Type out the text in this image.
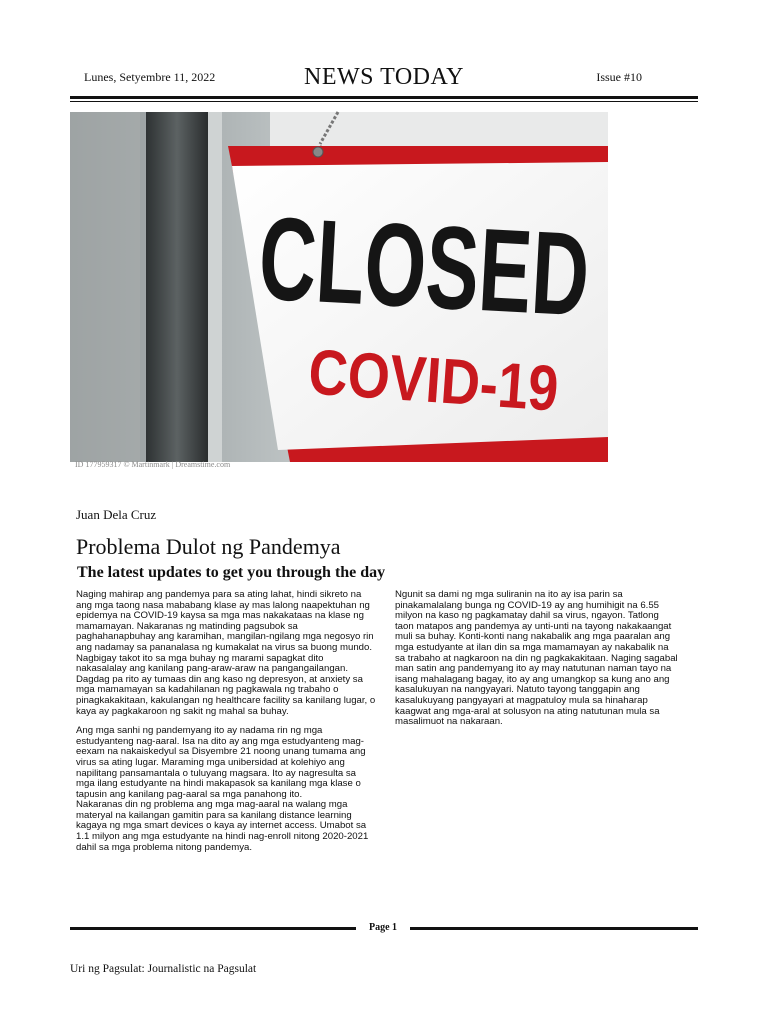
Lunes, Setyembre 11, 2022	NEWS TODAY	Issue #10
CLOSED
COVID-19
ID 177959317 © Martinmark | Dreamstime.com
Juan Dela Cruz
Problema Dulot ng Pandemya
The latest updates to get you through the day

Naging mahirap ang pandemya para sa ating lahat, hindi sikreto na ang mga taong nasa mababang klase ay mas lalong naapektuhan ng epidemya na COVID-19 kaysa sa mga mas nakakataas na klase ng mamamayan. Nakaranas ng matinding pagsubok sa paghahanapbuhay ang karamihan, mangilan-ngilang mga negosyo rin ang nadamay sa pananalasa ng kumakalat na virus sa buong mundo. Nagbigay takot ito sa mga buhay ng marami sapagkat dito nakasalalay ang kanilang pang-araw-araw na pangangailangan. Dagdag pa rito ay tumaas din ang kaso ng depresyon, at anxiety sa mga mamamayan sa kadahilanan ng pagkawala ng trabaho o pinagkakakitaan, kakulangan ng healthcare facility sa kanilang lugar, o kaya ay pagkakaroon ng sakit ng mahal sa buhay.

Ang mga sanhi ng pandemyang ito ay nadama rin ng mga estudyanteng nag-aaral. Isa na dito ay ang mga estudyanteng mag-eexam na nakaiskedyul sa Disyembre 21 noong unang tumama ang virus sa ating lugar. Maraming mga unibersidad at kolehiyo ang napilitang pansamantala o tuluyang magsara. Ito ay nagresulta sa mga ilang estudyante na hindi makapasok sa kanilang mga klase o tapusin ang kanilang pag-aaral sa mga panahong ito.

Nakaranas din ng problema ang mga mag-aaral na walang mga materyal na kailangan gamitin para sa kanilang distance learning kagaya ng mga smart devices o kaya ay internet access. Umabot sa 1.1 milyon ang mga estudyante na hindi nag-enroll nitong 2020-2021 dahil sa mga problema nitong pandemya.

Ngunit sa dami ng mga suliranin na ito ay isa parin sa pinakamalalang bunga ng COVID-19 ay ang humihigit na 6.55 milyon na kaso ng pagkamatay dahil sa virus, ngayon. Tatlong taon matapos ang pandemya ay unti-unti na tayong nakakaangat muli sa buhay. Konti-konti nang nakabalik ang mga paaralan ang mga estudyante at ilan din sa mga mamamayan ay nakabalik na sa trabaho at nagkaroon na din ng pagkakakitaan. Naging sagabal man satin ang pandemyang ito ay may natutunan naman tayo na isang mahalagang bagay, ito ay ang umangkop sa kung ano ang kasalukuyan na nangyayari. Natuto tayong tanggapin ang kasalukuyang pangyayari at magpatuloy mula sa hinaharap kaagwat ang mga-aral at solusyon na ating natutunan mula sa masalimuot na nakaraan.

Page 1
Uri ng Pagsulat: Journalistic na Pagsulat
